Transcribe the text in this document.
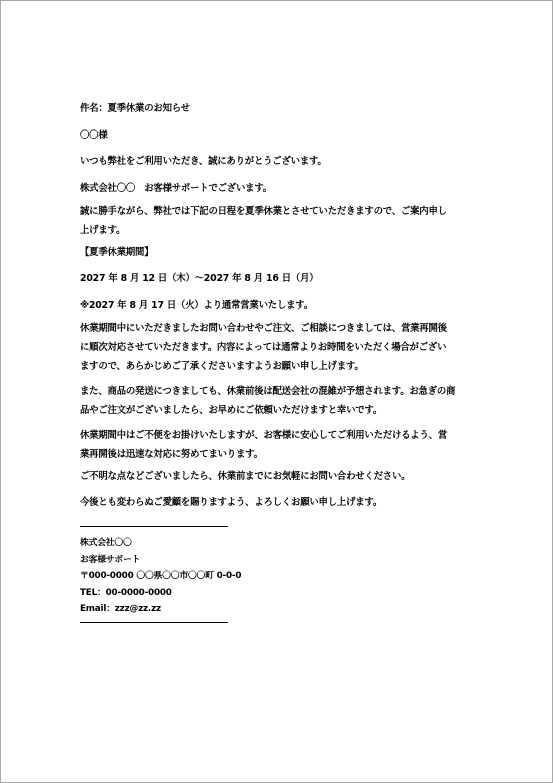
件名：夏季休業のお知らせ

〇〇様

いつも弊社をご利用いただき、誠にありがとうございます。

株式会社〇〇　お客様サポートでございます。

誠に勝手ながら、弊社では下記の日程を夏季休業とさせていただきますので、ご案内申し
上げます。

【夏季休業期間】

2027 年 8 月 12 日（木）～2027 年 8 月 16 日（月）

※2027 年 8 月 17 日（火）より通常営業いたします。

休業期間中にいただきましたお問い合わせやご注文、ご相談につきましては、営業再開後
に順次対応させていただきます。内容によっては通常よりお時間をいただく場合がござい
ますので、あらかじめご了承くださいますようお願い申し上げます。

また、商品の発送につきましても、休業前後は配送会社の混雑が予想されます。お急ぎの商
品やご注文がございましたら、お早めにご依頼いただけますと幸いです。

休業期間中はご不便をお掛けいたしますが、お客様に安心してご利用いただけるよう、営
業再開後は迅速な対応に努めてまいります。

ご不明な点などございましたら、休業前までにお気軽にお問い合わせください。

今後とも変わらぬご愛顧を賜りますよう、よろしくお願い申し上げます。

株式会社〇〇

お客様サポート

〒000-0000 〇〇県〇〇市〇〇町 0-0-0

TEL：00-0000-0000

Email：zzz@zz.zz
